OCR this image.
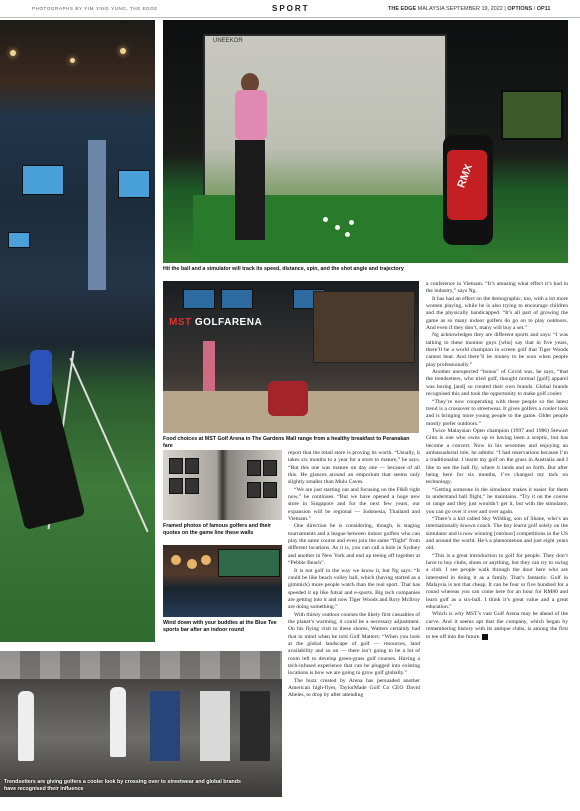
PHOTOGRAPHS BY YIM YING YUNG, THE EDGE	SPORT	THE EDGE MALAYSIA SEPTEMBER 19, 2022 | OPTIONS / OP11
UNEEKOR
RMX
Hit the ball and a simulator will track its speed, distance, spin, and the shot angle and trajectory
MST GOLFARENA
Food choices at MST Golf Arena in The Gardens Mall range from a healthy breakfast to Peranakan fare
Framed photos of famous golfers and their quotes on the game line these walls
Wind down with your buddies at the Blue Tee sports bar after an indoor round
Trendsetters are giving golfers a cooler look by crossing over to streetwear and global brands have recognised their influence

report that the retail store is proving its worth. “Usually, it takes six months to a year for a store to mature,” he says. “But this one was mature on day one — because of all this. He glances around an emporium that seems only slightly smaller than Mulu Caves.

“We are just starting out and focusing on the F&B right now,” he continues. “But we have opened a huge new store in Singapore and for the next few years, our expansion will be regional — Indonesia, Thailand and Vietnam.”

One direction he is considering, though, is staging tournaments and a league between indoor golfers who can play the same course and even join the same “flight” from different locations. As it is, you can call a hole in Sydney and another in New York and end up teeing off together at “Pebble Beach”.

It is not golf in the way we know it, but Ng says: “It could be like beach volley ball, which (having started as a gimmick) more people watch than the real sport. That has speeded it up like futsal and e-sports. Big tech companies are getting into it and now Tiger Woods and Rory McIlroy are doing something.”

With thirsty outdoor courses the likely first casualties of the planet’s warming, it could be a necessary adjustment. On his flying visit to these shores, Watters certainly had that in mind when he told Golf Matters: “When you look at the global landscape of golf — resources, land availability and so on — there isn’t going to be a lot of room left to develop green-grass golf courses. Having a tech-infused experience that can be plugged into existing locations is how we are going to grow golf globally.”

The buzz created by Arena has persuaded another American high-flyer, TaylorMade Golf Co CEO David Abeles, to drop by after attending

a conference in Vietnam. “It’s amazing what effect it’s had in the industry,” says Ng.

It has had an effect on the demographic, too, with a lot more women playing, while he is also trying to encourage children and the physically handicapped. “It’s all part of growing the game as so many indoor golfers do go on to play outdoors. And even if they don’t, many will buy a set.”

Ng acknowledges they are different sports and says: “I was talking to these monitor guys [who] say that in five years, there’ll be a world champion in screen golf that Tiger Woods cannot beat. And there’ll be money to be won when people play professionally.”

Another unexpected “bonus” of Covid was, he says, “that the trendsetters, who tried golf, thought normal [golf] apparel was boring [and] so created their own brands. Global brands recognised this and took the opportunity to make golf cooler.

“They’re now cooperating with these people so the latest trend is a crossover to streetwear. It gives golfers a cooler look and is bringing more young people to the game. Older people mostly prefer outdoors.”

Twice Malaysian Open champion (1997 and 1986) Stewart Ginn is one who owns up to having been a sceptic, but has become a convert. Now in his seventies and enjoying an ambassadorial role, he admits: “I had reservations because I’m a traditionalist. I learnt my golf on the grass in Australia and I like to see the ball fly, where it lands and so forth. But after being here for six months, I’ve changed my tack on technology.

“Getting someone in the simulator makes it easier for them to understand ball flight,” he maintains. “Try it on the course or range and they just wouldn’t get it, but with the simulator, you can go over it over and over again.

“There’s a kid called Sky Wilding, son of Shane, who’s an internationally known coach. The boy learnt golf solely on the simulator and is now winning [outdoor] competitions in the US and around the world. He’s a phenomenon and just eight years old.

“This is a great introduction to golf for people. They don’t have to buy clubs, shoes or anything, but they can try to swing a club. I see people walk through the door here who are interested in doing it as a family. That’s fantastic. Golf in Malaysia is not that cheap. It can be four or five hundred for a round whereas you can come here for an hour for RM80 and learn golf as a six-ball. I think it’s great value and a great education.”

Which is why MST’s vast Golf Arena may be ahead of the curve. And it seems apt that the company, which began by remembering history with its antique clubs, is among the first to tee off into the future. E
